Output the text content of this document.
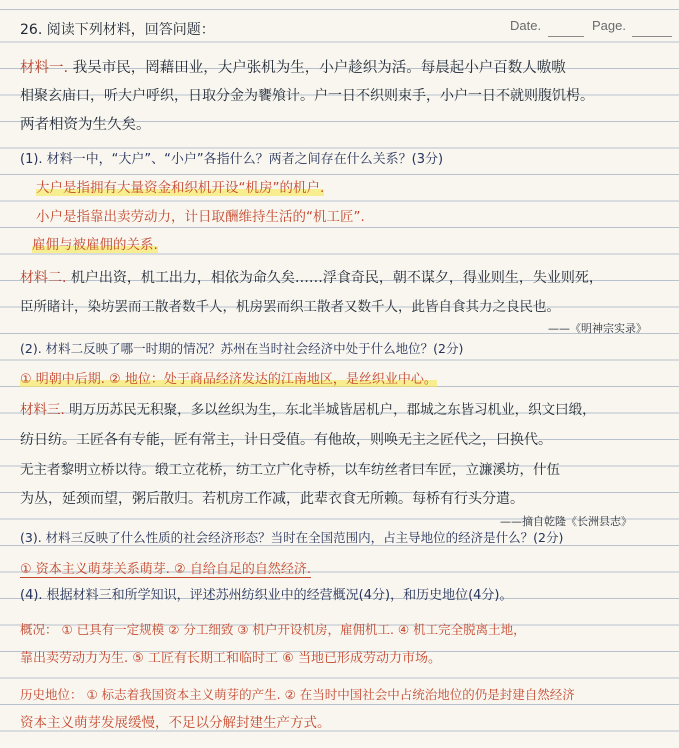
Date.	Page.
26. 阅读下列材料，回答问题：
材料一. 我吴市民，罔藉田业，大户张机为生，小户趁织为活。每晨起小户百数人嗷嗷
相聚玄庙口，听大户呼织，日取分金为饔飧计。户一日不织则束手，小户一日不就则腹饥枵。
两者相资为生久矣。
(1). 材料一中，“大户”、“小户”各指什么？两者之间存在什么关系？(3分)
大户是指拥有大量资金和织机开设“机房”的机户.
小户是指靠出卖劳动力，计日取酬维持生活的“机工匠”.
雇佣与被雇佣的关系.
材料二. 机户出资，机工出力，相依为命久矣……浮食奇民，朝不谋夕，得业则生，失业则死，
臣所睹计，染坊罢而工散者数千人，机房罢而织工散者又数千人，此皆自食其力之良民也。
——《明神宗实录》
(2). 材料二反映了哪一时期的情况？苏州在当时社会经济中处于什么地位？(2分)
① 明朝中后期. ② 地位：处于商品经济发达的江南地区，是丝织业中心。
材料三. 明万历苏民无积聚，多以丝织为生，东北半城皆居机户，郡城之东皆习机业，织文曰缎，
纺日纺。工匠各有专能，匠有常主，计日受值。有他故，则唤无主之匠代之，曰换代。
无主者黎明立桥以待。缎工立花桥，纺工立广化寺桥，以车纺丝者曰车匠，立濂溪坊，什伍
为丛，延颈而望，粥后散归。若机房工作减，此辈衣食无所赖。每桥有行头分遣。
——摘自乾隆《长洲县志》
(3). 材料三反映了什么性质的社会经济形态？当时在全国范围内，占主导地位的经济是什么？(2分)
① 资本主义萌芽关系萌芽. ② 自给自足的自然经济.
(4). 根据材料三和所学知识，评述苏州纺织业中的经营概况(4分)，和历史地位(4分)。
概况： ① 已具有一定规模 ② 分工细致 ③ 机户开设机房，雇佣机工. ④ 机工完全脱离土地，
靠出卖劳动力为生. ⑤ 工匠有长期工和临时工 ⑥ 当地已形成劳动力市场。
历史地位： ① 标志着我国资本主义萌芽的产生. ② 在当时中国社会中占统治地位的仍是封建自然经济
资本主义萌芽发展缓慢，不足以分解封建生产方式。
